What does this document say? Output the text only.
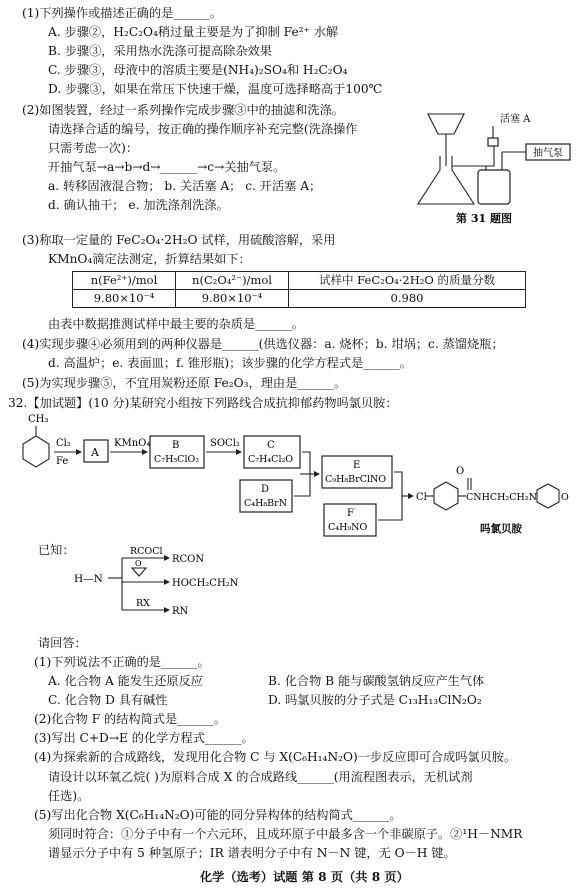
(1)下列操作或描述正确的是______。
A. 步骤②，H₂C₂O₄稍过量主要是为了抑制 Fe²⁺ 水解
B. 步骤③，采用热水洗涤可提高除杂效果
C. 步骤③，母液中的溶质主要是(NH₄)₂SO₄和 H₂C₂O₄
D. 步骤③，如果在常压下快速干燥，温度可选择略高于100℃
(2)如图装置，经过一系列操作完成步骤③中的抽滤和洗涤。
请选择合适的编号，按正确的操作顺序补充完整(洗涤操作
只需考虑一次)：
开抽气泵→a→b→d→______→c→关抽气泵。
a. 转移固液混合物； b. 关活塞 A； c. 开活塞 A；
d. 确认抽干； e. 加洗涤剂洗涤。
抽气泵
活塞 A
第 31 题图
(3)称取一定量的 FeC₂O₄·2H₂O 试样，用硫酸溶解，采用
KMnO₄滴定法测定，折算结果如下：
n(Fe²⁺)/mol	n(C₂O₄²⁻)/mol	试样中 FeC₂O₄·2H₂O 的质量分数
9.80×10⁻⁴	9.80×10⁻⁴	0.980
由表中数据推测试样中最主要的杂质是______。
(4)实现步骤④必须用到的两种仪器是______(供选仪器：a. 烧杯；b. 坩埚；c. 蒸馏烧瓶；
d. 高温炉；e. 表面皿；f. 锥形瓶)；该步骤的化学方程式是______。
(5)为实现步骤⑤，不宜用炭粉还原 Fe₂O₃，理由是______。
32.【加试题】(10 分)某研究小组按下列路线合成抗抑郁药物吗氯贝胺：
CH₃
Cl₂
Fe
A
KMnO₄ B
C₇H₅ClO₂
SOCl₂	C
C₇H₄Cl₂O
D
C₄H₈BrN
E
C₉H₈BrClNO
F
C₄H₉NO
Cl
O
CNHCH₂CH₂N	O
吗氯贝胺
已知：
H—N
RCOCl
RCON
O
HOCH₂CH₂N
RX
RN
请回答：
(1)下列说法不正确的是______。
A. 化合物 A 能发生还原反应	B. 化合物 B 能与碳酸氢钠反应产生气体
C. 化合物 D 具有碱性	D. 吗氯贝胺的分子式是 C₁₃H₁₃ClN₂O₂
(2)化合物 F 的结构简式是______。
(3)写出 C+D→E 的化学方程式______。
(4)为探索新的合成路线，发现用化合物 C 与 X(C₆H₁₄N₂O)一步反应即可合成吗氯贝胺。
请设计以环氧乙烷( )为原料合成 X 的合成路线______(用流程图表示，无机试剂
任选)。
(5)写出化合物 X(C₆H₁₄N₂O)可能的同分异构体的结构简式______。
须同时符合：①分子中有一个六元环，且成环原子中最多含一个非碳原子。②¹H－NMR
谱显示分子中有 5 种氢原子；IR 谱表明分子中有 N－N 键，无 O－H 键。
化学（选考）试题 第 8 页（共 8 页）
